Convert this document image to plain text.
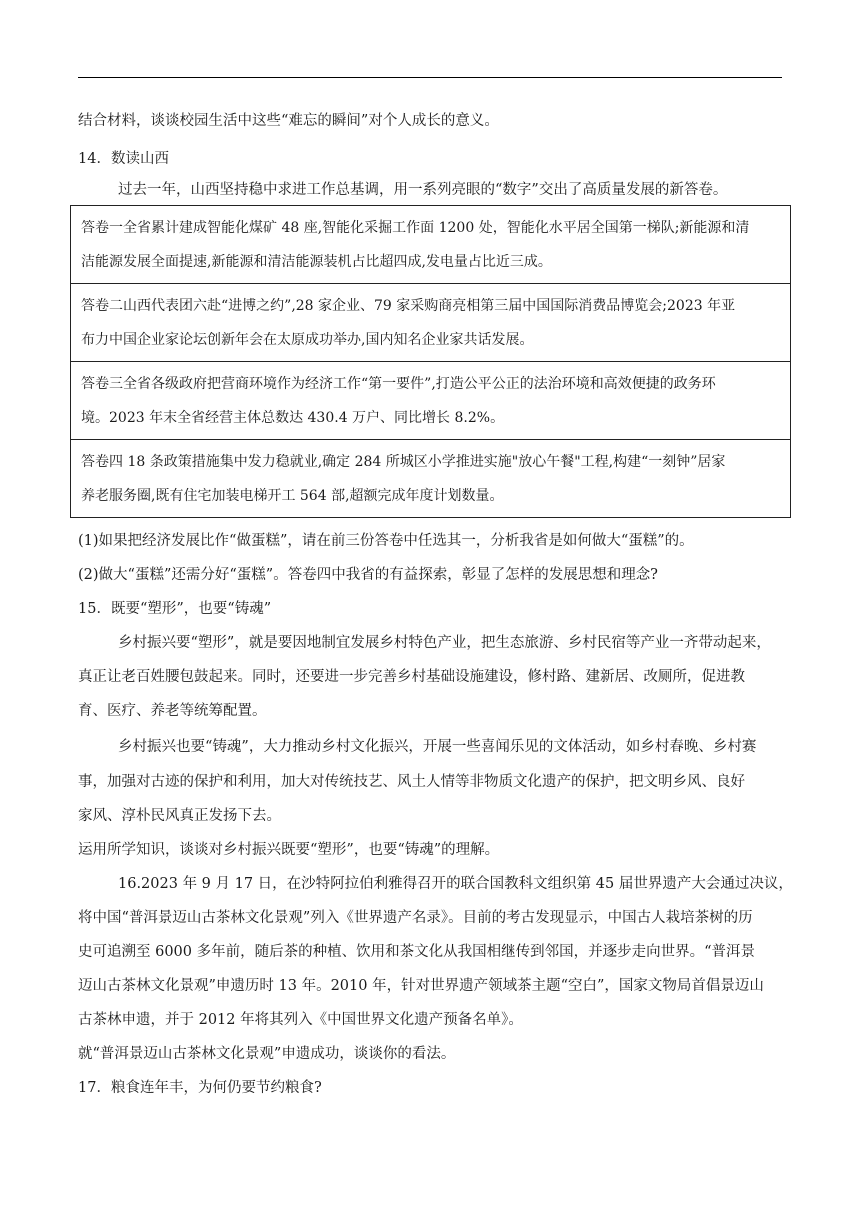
结合材料，谈谈校园生活中这些“难忘的瞬间”对个人成长的意义。
14．数读山西
过去一年，山西坚持稳中求进工作总基调，用一系列亮眼的“数字”交出了高质量发展的新答卷。
答卷一全省累计建成智能化煤矿 48 座,智能化采掘工作面 1200 处，智能化水平居全国第一梯队;新能源和清
洁能源发展全面提速,新能源和清洁能源装机占比超四成,发电量占比近三成。

答卷二山西代表团六赴“进博之约”,28 家企业、79 家采购商亮相第三届中国国际消费品博览会;2023 年亚
布力中国企业家论坛创新年会在太原成功举办,国内知名企业家共话发展。

答卷三全省各级政府把营商环境作为经济工作“第一要件”,打造公平公正的法治环境和高效便捷的政务环
境。2023 年末全省经营主体总数达 430.4 万户、同比增长 8.2%。

答卷四 18 条政策措施集中发力稳就业,确定 284 所城区小学推进实施"放心午餐"工程,构建“一刻钟”居家
养老服务圈,既有住宅加装电梯开工 564 部,超额完成年度计划数量。
(1)如果把经济发展比作“做蛋糕”，请在前三份答卷中任选其一，分析我省是如何做大“蛋糕”的。
(2)做大“蛋糕”还需分好“蛋糕”。答卷四中我省的有益探索，彰显了怎样的发展思想和理念?
15．既要“塑形”，也要“铸魂”
乡村振兴要“塑形”，就是要因地制宜发展乡村特色产业，把生态旅游、乡村民宿等产业一齐带动起来，
真正让老百姓腰包鼓起来。同时，还要进一步完善乡村基础设施建设，修村路、建新居、改厕所，促进教
育、医疗、养老等统筹配置。
乡村振兴也要“铸魂”，大力推动乡村文化振兴，开展一些喜闻乐见的文体活动，如乡村春晚、乡村赛
事，加强对古迹的保护和利用，加大对传统技艺、风土人情等非物质文化遗产的保护，把文明乡风、良好
家风、淳朴民风真正发扬下去。
运用所学知识，谈谈对乡村振兴既要“塑形”，也要“铸魂”的理解。
16.2023 年 9 月 17 日，在沙特阿拉伯利雅得召开的联合国教科文组织第 45 届世界遗产大会通过决议，
将中国“普洱景迈山古茶林文化景观”列入《世界遗产名录》。目前的考古发现显示，中国古人栽培茶树的历
史可追溯至 6000 多年前，随后茶的种植、饮用和茶文化从我国相继传到邻国，并逐步走向世界。“普洱景
迈山古茶林文化景观”申遗历时 13 年。2010 年，针对世界遗产领域茶主题“空白”，国家文物局首倡景迈山
古茶林申遗，并于 2012 年将其列入《中国世界文化遗产预备名单》。
就“普洱景迈山古茶林文化景观”申遗成功，谈谈你的看法。
17．粮食连年丰，为何仍要节约粮食?
